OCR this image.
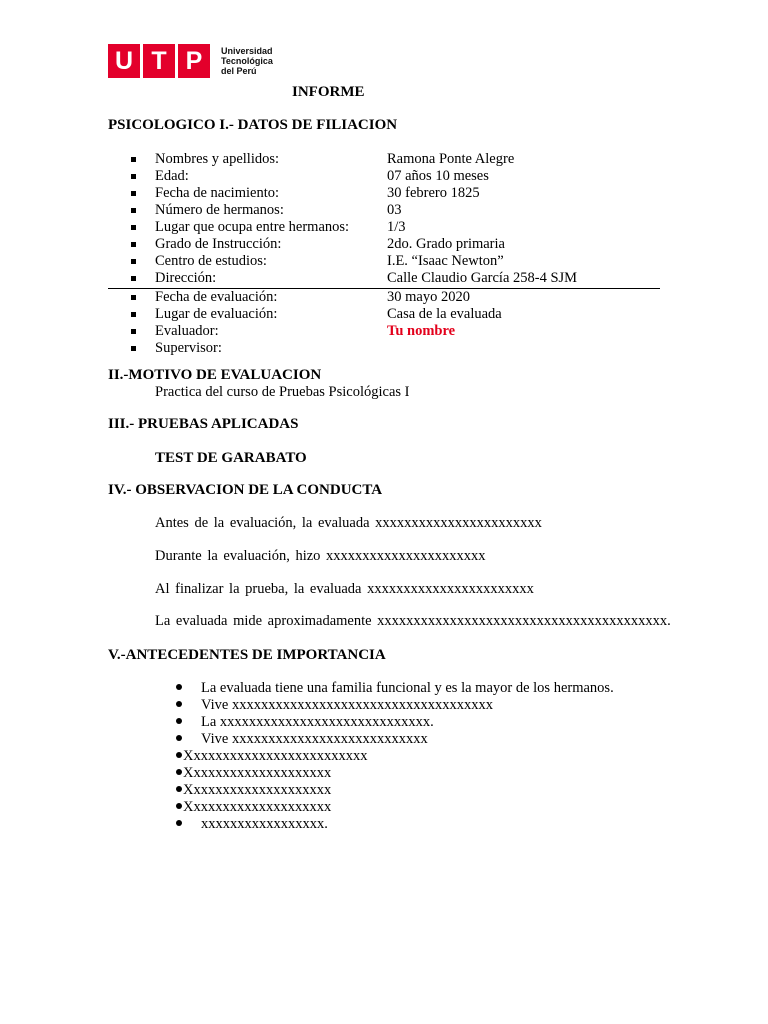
U T P	Universidad
Tecnológica
del Perú
INFORME
PSICOLOGICO I.- DATOS DE FILIACION
Nombres y apellidos:	Ramona Ponte Alegre
Edad:	07 años 10 meses
Fecha de nacimiento:	30 febrero 1825
Número de hermanos:	03
Lugar que ocupa entre hermanos:	1/3
Grado de Instrucción:	2do. Grado primaria
Centro de estudios:	I.E. “Isaac Newton”
Dirección:	Calle Claudio García 258-4 SJM
Fecha de evaluación:	30 mayo 2020
Lugar de evaluación:	Casa de la evaluada
Evaluador:	Tu nombre
Supervisor:
II.-MOTIVO DE EVALUACION
Practica del curso de Pruebas Psicológicas I
III.- PRUEBAS APLICADAS
TEST DE GARABATO
IV.- OBSERVACION DE LA CONDUCTA
Antes de la evaluación, la evaluada xxxxxxxxxxxxxxxxxxxxxxx
Durante la evaluación, hizo xxxxxxxxxxxxxxxxxxxxxx
Al finalizar la prueba, la evaluada xxxxxxxxxxxxxxxxxxxxxxx
La evaluada mide aproximadamente xxxxxxxxxxxxxxxxxxxxxxxxxxxxxxxxxxxxxxxx.
V.-ANTECEDENTES DE IMPORTANCIA
La evaluada tiene una familia funcional y es la mayor de los hermanos.
Vive xxxxxxxxxxxxxxxxxxxxxxxxxxxxxxxxxxxx
La xxxxxxxxxxxxxxxxxxxxxxxxxxxxx.
Vive xxxxxxxxxxxxxxxxxxxxxxxxxxx
Xxxxxxxxxxxxxxxxxxxxxxxxx
Xxxxxxxxxxxxxxxxxxxx
Xxxxxxxxxxxxxxxxxxxx
Xxxxxxxxxxxxxxxxxxxx
xxxxxxxxxxxxxxxxx.
